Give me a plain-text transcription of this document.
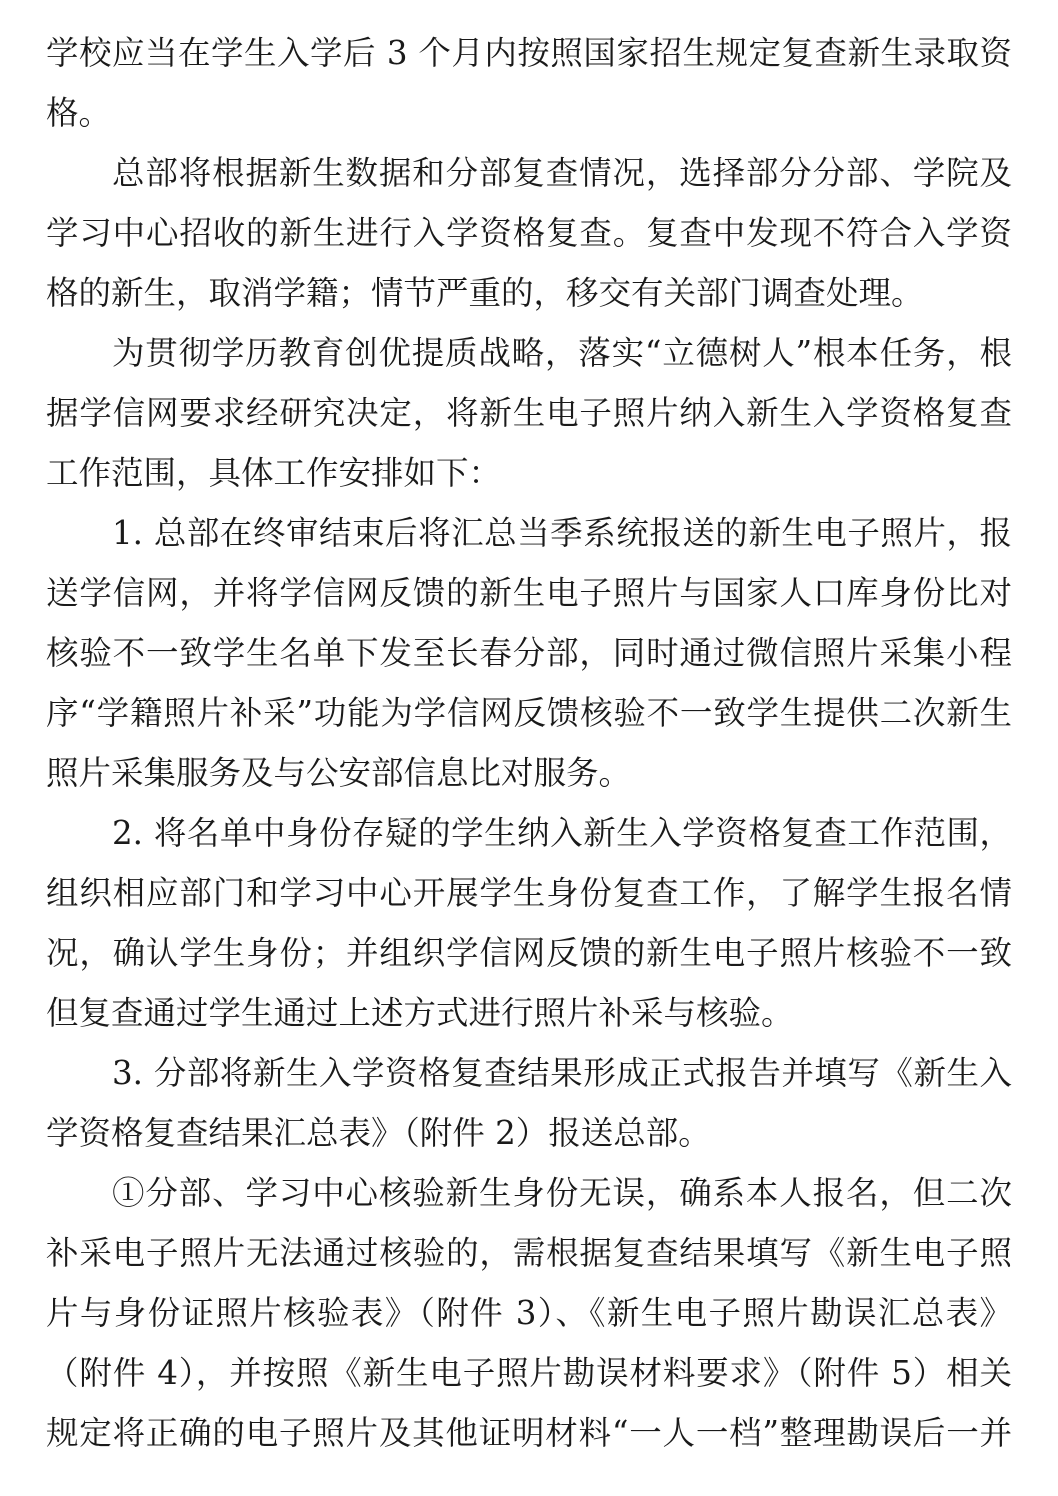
学校应当在学生入学后 3 个月内按照国家招生规定复查新生录取资
格。
总部将根据新生数据和分部复查情况，选择部分分部、学院及
学习中心招收的新生进行入学资格复查。复查中发现不符合入学资
格的新生，取消学籍；情节严重的，移交有关部门调查处理。
为贯彻学历教育创优提质战略，落实“立德树人”根本任务，根
据学信网要求经研究决定，将新生电子照片纳入新生入学资格复查
工作范围，具体工作安排如下：
1. 总部在终审结束后将汇总当季系统报送的新生电子照片，报
送学信网，并将学信网反馈的新生电子照片与国家人口库身份比对
核验不一致学生名单下发至长春分部，同时通过微信照片采集小程
序“学籍照片补采”功能为学信网反馈核验不一致学生提供二次新生
照片采集服务及与公安部信息比对服务。
2. 将名单中身份存疑的学生纳入新生入学资格复查工作范围，
组织相应部门和学习中心开展学生身份复查工作，了解学生报名情
况，确认学生身份；并组织学信网反馈的新生电子照片核验不一致
但复查通过学生通过上述方式进行照片补采与核验。
3. 分部将新生入学资格复查结果形成正式报告并填写《新生入
学资格复查结果汇总表》（附件 2）报送总部。
①分部、学习中心核验新生身份无误，确系本人报名，但二次
补采电子照片无法通过核验的，需根据复查结果填写《新生电子照
片与身份证照片核验表》（附件 3）、《新生电子照片勘误汇总表》
（附件 4），并按照《新生电子照片勘误材料要求》（附件 5）相关
规定将正确的电子照片及其他证明材料“一人一档”整理勘误后一并
